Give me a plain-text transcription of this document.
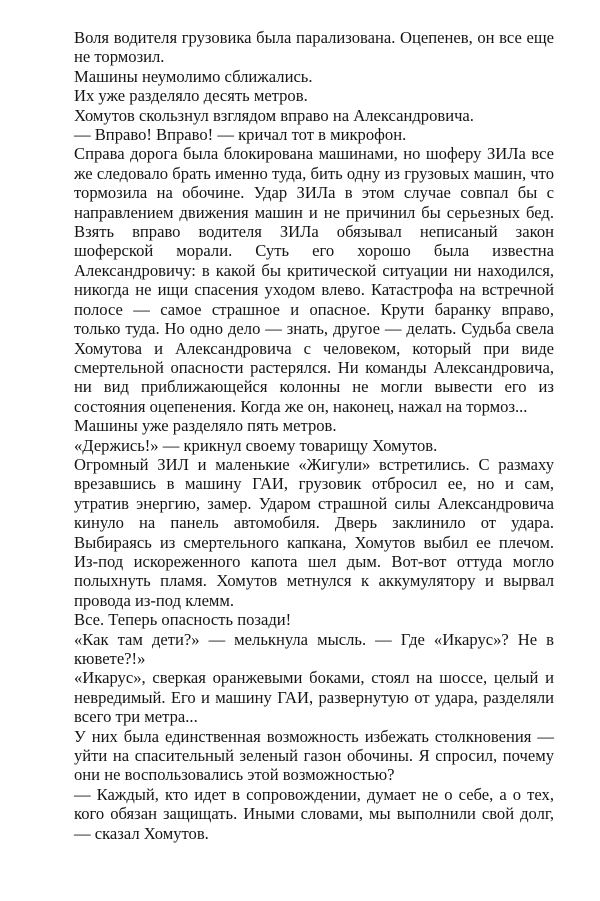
Воля водителя грузовика была парализована. Оцепенев, он все еще не тормозил.

Машины неумолимо сближались.

Их уже разделяло десять метров.

Хомутов скользнул взглядом вправо на Александровича.

— Вправо! Вправо! — кричал тот в микрофон.

Справа дорога была блокирована машинами, но шоферу ЗИЛа все же следовало брать именно туда, бить одну из грузовых машин, что тормозила на обочине. Удар ЗИЛа в этом случае совпал бы с направлением движения машин и не причинил бы серьезных бед. Взять вправо водителя ЗИЛа обязывал неписаный закон шоферской морали. Суть его хорошо была известна Александровичу: в какой бы критической ситуации ни находился, никогда не ищи спасения уходом влево. Катастрофа на встречной полосе — самое страшное и опасное. Крути баранку вправо, только туда. Но одно дело — знать, другое — делать. Судьба свела Хомутова и Александровича с человеком, который при виде смертельной опасности растерялся. Ни команды Александровича, ни вид приближающейся колонны не могли вывести его из состояния оцепенения. Когда же он, наконец, нажал на тормоз...

Машины уже разделяло пять метров.

«Держись!» — крикнул своему товарищу Хомутов.

Огромный ЗИЛ и маленькие «Жигули» встретились. С размаху врезавшись в машину ГАИ, грузовик отбросил ее, но и сам, утратив энергию, замер. Ударом страшной силы Александровича кинуло на панель автомобиля. Дверь заклинило от удара. Выбираясь из смертельного капкана, Хомутов выбил ее плечом. Из-под искореженного капота шел дым. Вот-вот оттуда могло полыхнуть пламя. Хомутов метнулся к аккумулятору и вырвал провода из-под клемм.

Все. Теперь опасность позади!

«Как там дети?» — мелькнула мысль. — Где «Икарус»? Не в кювете?!»

«Икарус», сверкая оранжевыми боками, стоял на шоссе, целый и невредимый. Его и машину ГАИ, развернутую от удара, разделяли всего три метра...

У них была единственная возможность избежать столкновения — уйти на спасительный зеленый газон обочины. Я спросил, почему они не воспользовались этой возможностью?

— Каждый, кто идет в сопровождении, думает не о себе, а о тех, кого обязан защищать. Иными словами, мы выполнили свой долг, — сказал Хомутов.
